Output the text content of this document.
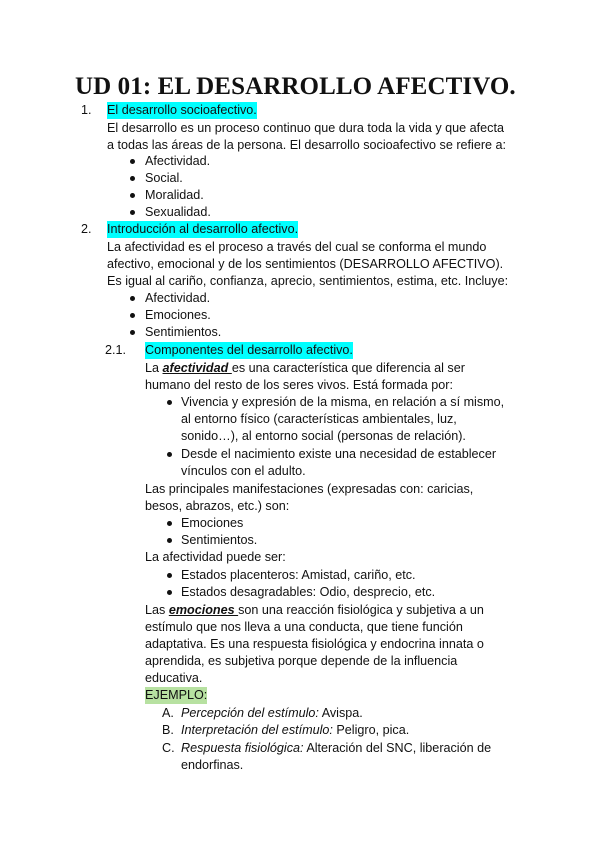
UD 01: EL DESARROLLO AFECTIVO.
1. El desarrollo socioafectivo.
El desarrollo es un proceso continuo que dura toda la vida y que afecta
a todas las áreas de la persona. El desarrollo socioafectivo se refiere a:
Afectividad.
Social.
Moralidad.
Sexualidad.
2. Introducción al desarrollo afectivo.
La afectividad es el proceso a través del cual se conforma el mundo
afectivo, emocional y de los sentimientos (DESARROLLO AFECTIVO).
Es igual al cariño, confianza, aprecio, sentimientos, estima, etc. Incluye:
Afectividad.
Emociones.
Sentimientos.
2.1. Componentes del desarrollo afectivo.
La afectividad es una característica que diferencia al ser
humano del resto de los seres vivos. Está formada por:
Vivencia y expresión de la misma, en relación a sí mismo,
al entorno físico (características ambientales, luz,
sonido…), al entorno social (personas de relación).
Desde el nacimiento existe una necesidad de establecer
vínculos con el adulto.
Las principales manifestaciones (expresadas con: caricias,
besos, abrazos, etc.) son:
Emociones
Sentimientos.
La afectividad puede ser:
Estados placenteros: Amistad, cariño, etc.
Estados desagradables: Odio, desprecio, etc.
Las emociones son una reacción fisiológica y subjetiva a un
estímulo que nos lleva a una conducta, que tiene función
adaptativa. Es una respuesta fisiológica y endocrina innata o
aprendida, es subjetiva porque depende de la influencia
educativa.
EJEMPLO:
A. Percepción del estímulo: Avispa.
B. Interpretación del estímulo: Peligro, pica.
C. Respuesta fisiológica: Alteración del SNC, liberación de
endorfinas.
